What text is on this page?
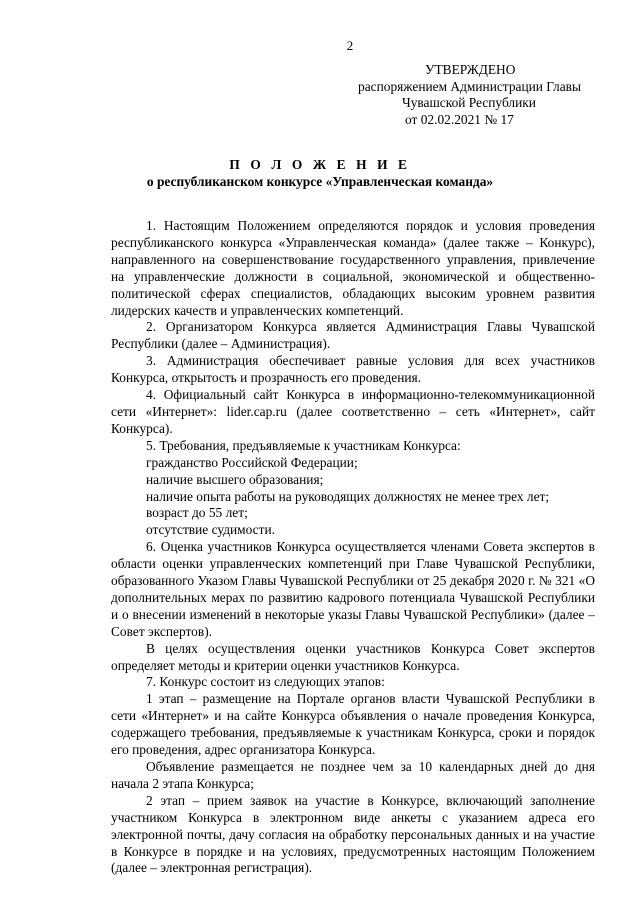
2
УТВЕРЖДЕНО
распоряжением Администрации Главы
Чувашской Республики
от 02.02.2021 № 17
П О Л О Ж Е Н И Е
о республиканском конкурсе «Управленческая команда»

1. Настоящим Положением определяются порядок и условия проведения республиканского конкурса «Управленческая команда» (далее также – Конкурс), направленного на совершенствование государственного управления, привлечение на управленческие должности в социальной, экономической и общественно-политической сферах специалистов, обладающих высоким уровнем развития лидерских качеств и управленческих компетенций.

2. Организатором Конкурса является Администрация Главы Чувашской Республики (далее – Администрация).

3. Администрация обеспечивает равные условия для всех участников Конкурса, открытость и прозрачность его проведения.

4. Официальный сайт Конкурса в информационно-телекоммуникационной сети «Интернет»: lider.cap.ru (далее соответственно – сеть «Интернет», сайт Конкурса).

5. Требования, предъявляемые к участникам Конкурса:

гражданство Российской Федерации;

наличие высшего образования;

наличие опыта работы на руководящих должностях не менее трех лет;

возраст до 55 лет;

отсутствие судимости.

6. Оценка участников Конкурса осуществляется членами Совета экспертов в области оценки управленческих компетенций при Главе Чувашской Республики, образованного Указом Главы Чувашской Республики от 25 декабря 2020 г. № 321 «О дополнительных мерах по развитию кадрового потенциала Чувашской Республики и о внесении изменений в некоторые указы Главы Чувашской Республики» (далее – Совет экспертов).

В целях осуществления оценки участников Конкурса Совет экспертов определяет методы и критерии оценки участников Конкурса.

7. Конкурс состоит из следующих этапов:

1 этап – размещение на Портале органов власти Чувашской Республики в сети «Интернет» и на сайте Конкурса объявления о начале проведения Конкурса, содержащего требования, предъявляемые к участникам Конкурса, сроки и порядок его проведения, адрес организатора Конкурса.

Объявление размещается не позднее чем за 10 календарных дней до дня начала 2 этапа Конкурса;

2 этап – прием заявок на участие в Конкурсе, включающий заполнение участником Конкурса в электронном виде анкеты с указанием адреса его электронной почты, дачу согласия на обработку персональных данных и на участие в Конкурсе в порядке и на условиях, предусмотренных настоящим Положением (далее – электронная регистрация).
